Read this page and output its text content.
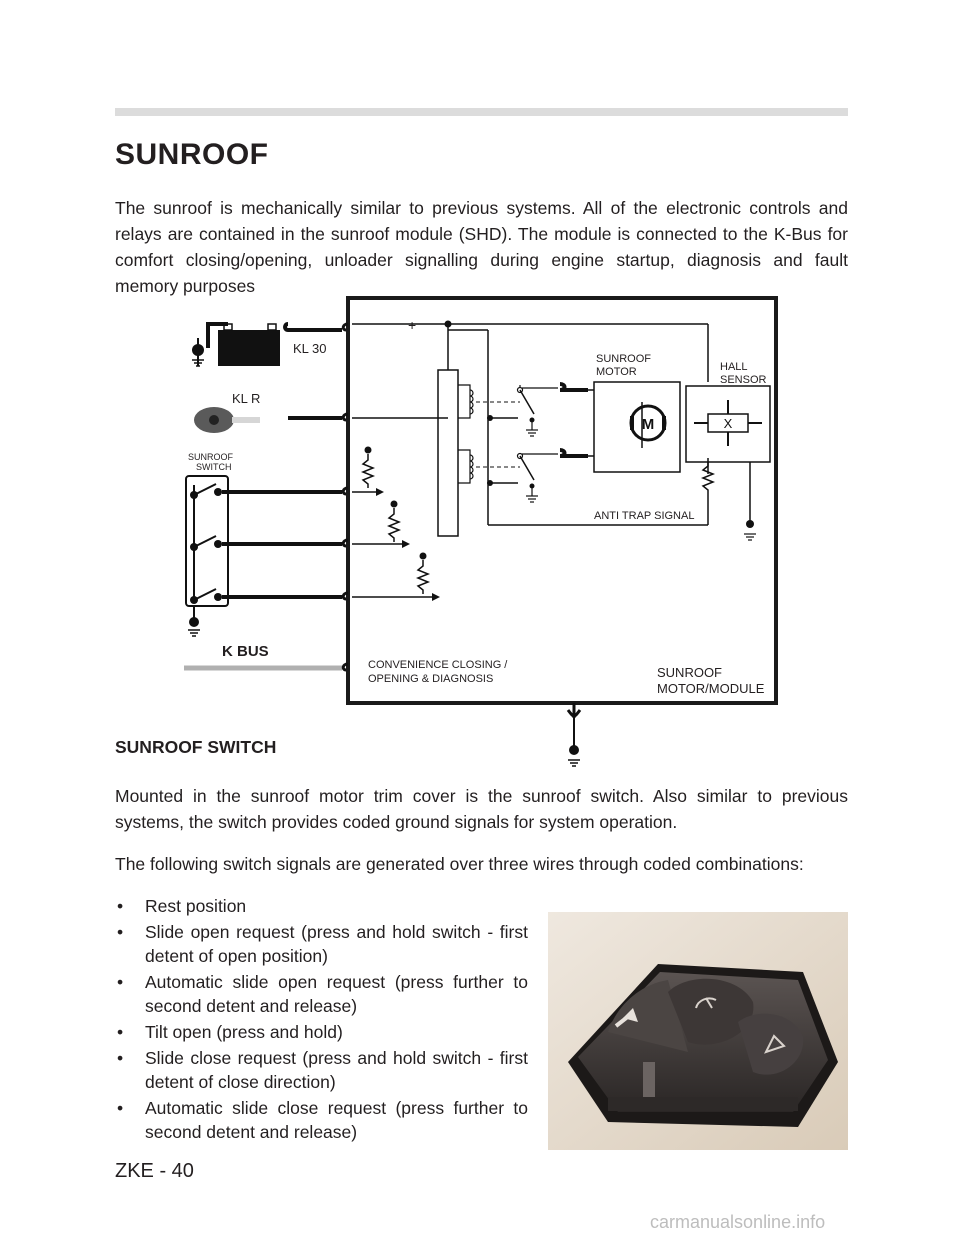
SUNROOF

The sunroof is mechanically similar to previous systems. All of the electronic controls and relays are contained in the sunroof module (SHD). The module is connected to the K-Bus for comfort closing/opening, unloader signalling during engine startup, diagnosis and fault memory purposes

KL 30
KL R
SUNROOF
SWITCH
K BUS
+
SUNROOF
MOTOR
M
HALL
SENSOR
X
ANTI TRAP SIGNAL
CONVENIENCE CLOSING /
OPENING & DIAGNOSIS	SUNROOF
MOTOR/MODULE
SUNROOF SWITCH

Mounted in the sunroof motor trim cover is the sunroof switch. Also similar to previous systems, the switch provides coded ground signals for system operation.

The following switch signals are generated over three wires through coded combinations:

• Rest position
• Slide open request (press and hold switch - first detent of open position)
• Automatic slide open request (press further to second detent and release)
• Tilt open (press and hold)
• Slide close request (press and hold switch - first detent of close direction)
• Automatic slide close request (press further to second detent and release)

ZKE - 40

carmanualsonline.info
